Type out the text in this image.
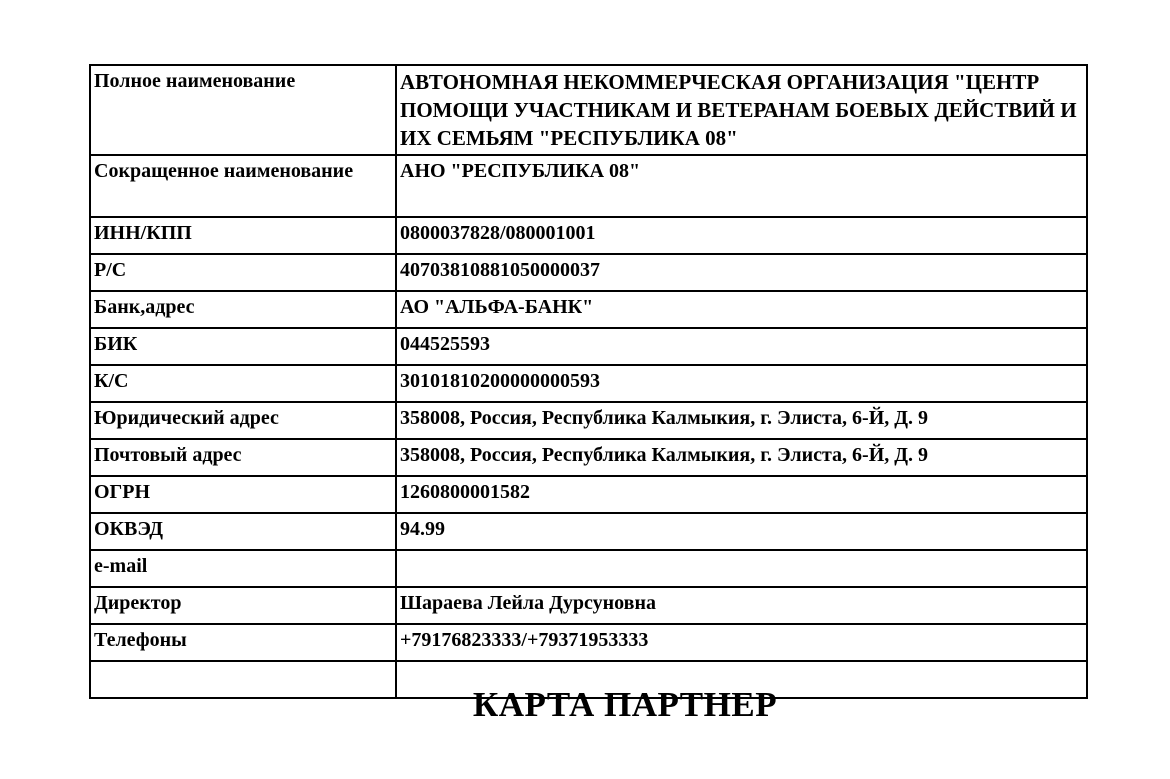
Полное наименование	АВТОНОМНАЯ НЕКОММЕРЧЕСКАЯ ОРГАНИЗАЦИЯ "ЦЕНТР ПОМОЩИ УЧАСТНИКАМ И ВЕТЕРАНАМ БОЕВЫХ ДЕЙСТВИЙ И ИХ СЕМЬЯМ "РЕСПУБЛИКА 08"
Сокращенное наименование	АНО "РЕСПУБЛИКА 08"
ИНН/КПП	0800037828/080001001
Р/С	40703810881050000037
Банк,адрес	АО "АЛЬФА-БАНК"
БИК	044525593
К/С	30101810200000000593
Юридический адрес	358008, Россия, Республика Калмыкия, г. Элиста, 6-Й, Д. 9
Почтовый адрес	358008, Россия, Республика Калмыкия, г. Элиста, 6-Й, Д. 9
ОГРН	1260800001582
ОКВЭД	94.99
e-mail	
Директор	Шараева Лейла Дурсуновна
Телефоны	+79176823333/+79371953333

КАРТА ПАРТНЕР
